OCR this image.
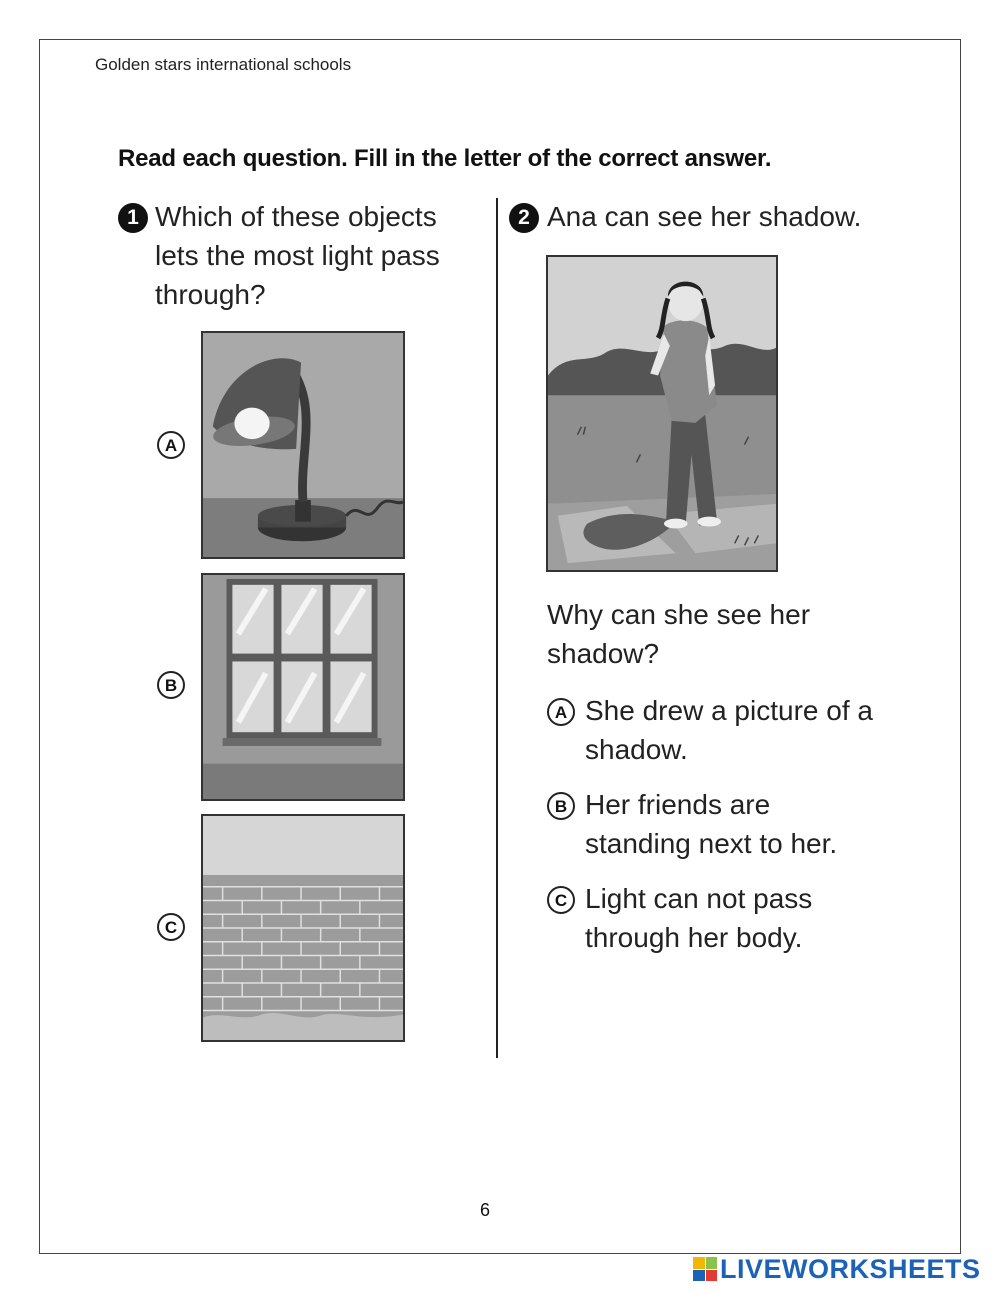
Golden stars international schools
Read each question. Fill in the letter of the correct answer.
1 Which of these objects
lets the most light pass
through?
A
B
C
2 Ana can see her shadow.
Why can she see her
shadow?
A She drew a picture of a
shadow.
B Her friends are
standing next to her.
C Light can not pass
through her body.
6
LIVEWORKSHEETS
